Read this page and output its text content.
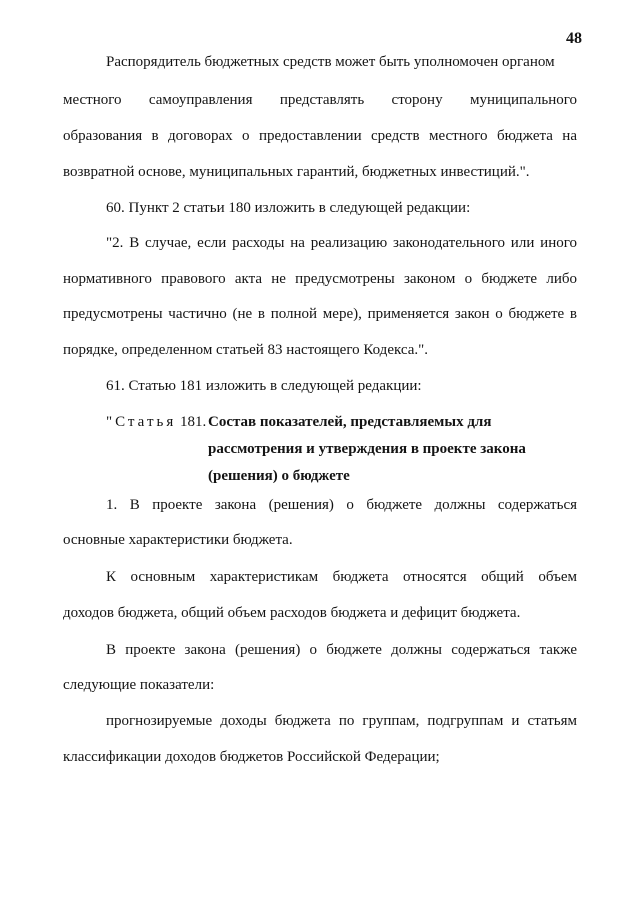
48
Распорядитель бюджетных средств может быть уполномочен органом
местного самоуправления представлять сторону муниципального
образования в договорах о предоставлении средств местного бюджета на
возвратной основе, муниципальных гарантий, бюджетных инвестиций.".
60. Пункт 2 статьи 180 изложить в следующей редакции:
"2. В случае, если расходы на реализацию законодательного или иного
нормативного правового акта не предусмотрены законом о бюджете либо
предусмотрены частично (не в полной мере), применяется закон о бюджете в
порядке, определенном статьей 83 настоящего Кодекса.".
61. Статью 181 изложить в следующей редакции:
"Статья 181. Состав показателей, представляемых для
рассмотрения и утверждения в проекте закона
(решения) о бюджете
1. В проекте закона (решения) о бюджете должны содержаться
основные характеристики бюджета.
К основным характеристикам бюджета относятся общий объем
доходов бюджета, общий объем расходов бюджета и дефицит бюджета.
В проекте закона (решения) о бюджете должны содержаться также
следующие показатели:
прогнозируемые доходы бюджета по группам, подгруппам и статьям
классификации доходов бюджетов Российской Федерации;
